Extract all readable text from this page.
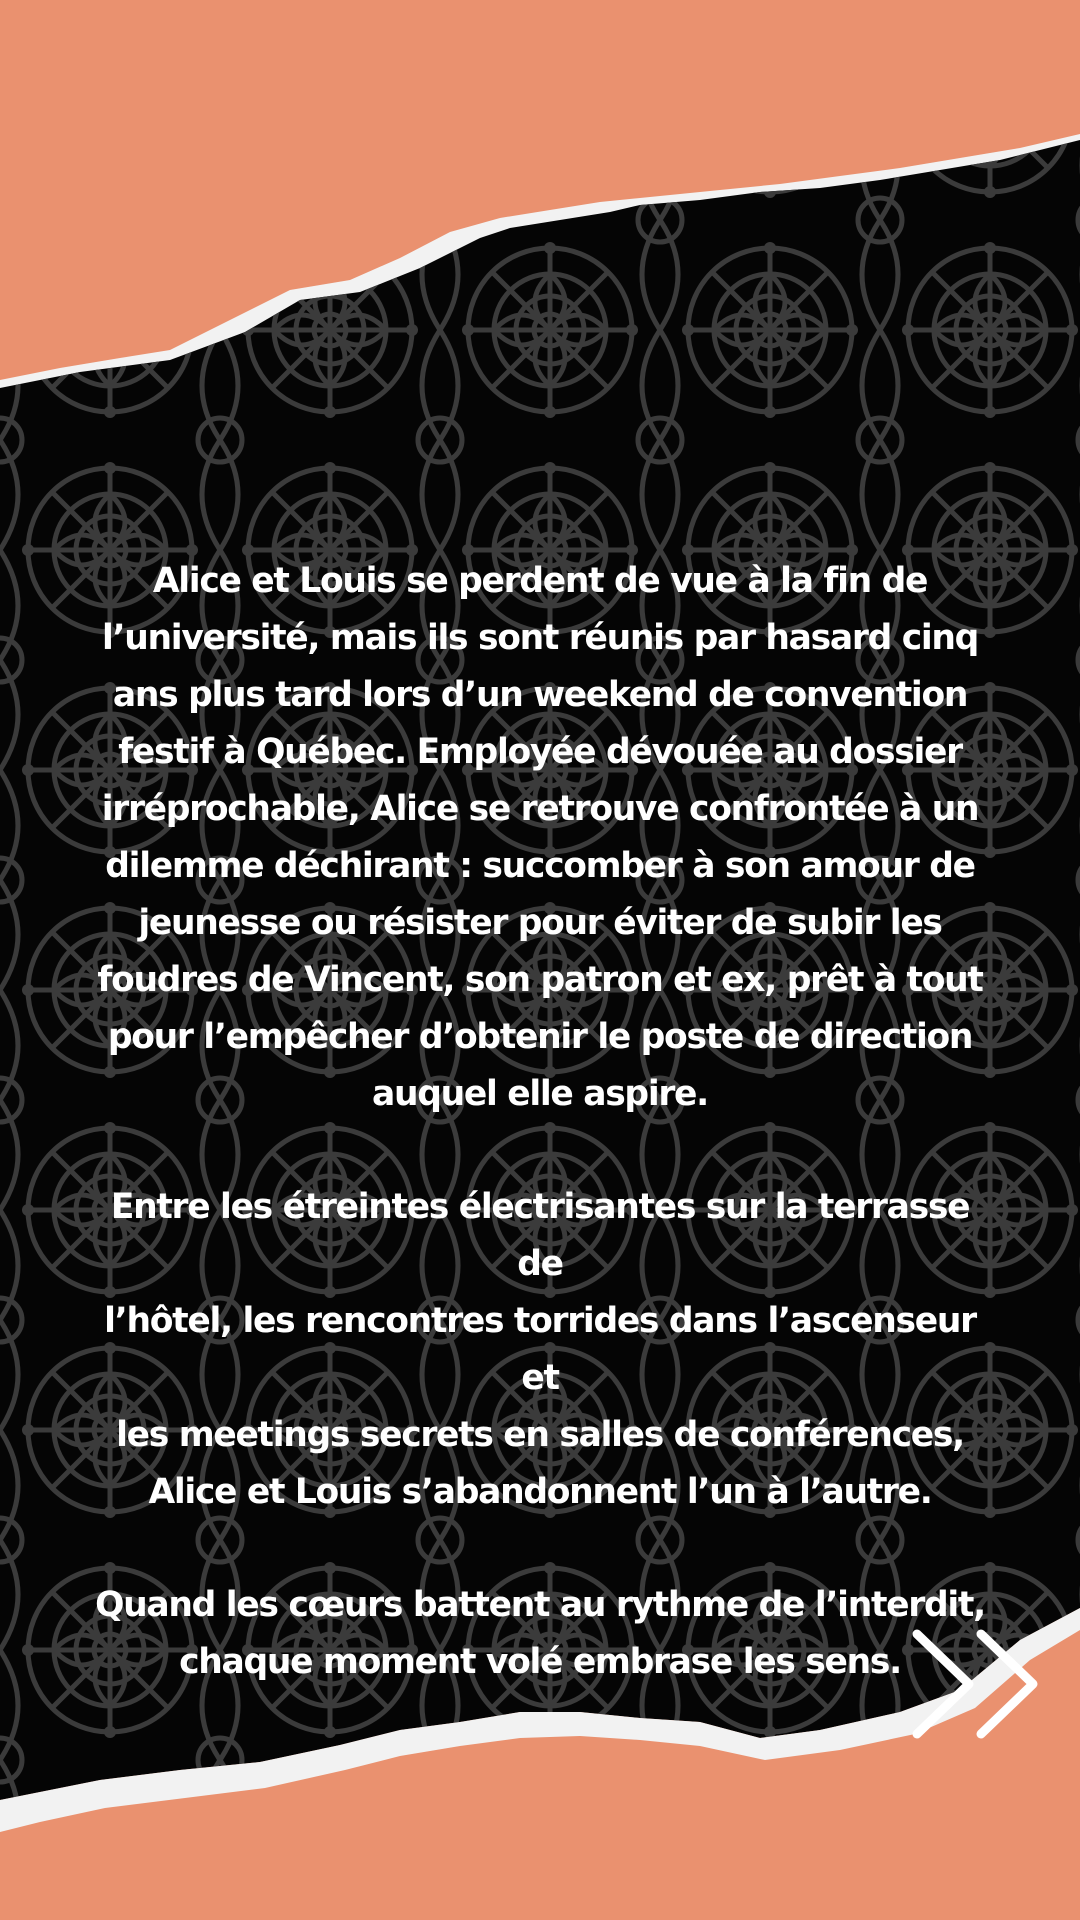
Alice et Louis se perdent de vue à la fin de
l’université, mais ils sont réunis par hasard cinq
ans plus tard lors d’un weekend de convention
festif à Québec. Employée dévouée au dossier
irréprochable, Alice se retrouve confrontée à un
dilemme déchirant : succomber à son amour de
jeunesse ou résister pour éviter de subir les
foudres de Vincent, son patron et ex, prêt à tout
pour l’empêcher d’obtenir le poste de direction
auquel elle aspire.

Entre les étreintes électrisantes sur la terrasse de
l’hôtel, les rencontres torrides dans l’ascenseur et
les meetings secrets en salles de conférences,
Alice et Louis s’abandonnent l’un à l’autre.

Quand les cœurs battent au rythme de l’interdit,
chaque moment volé embrase les sens.
